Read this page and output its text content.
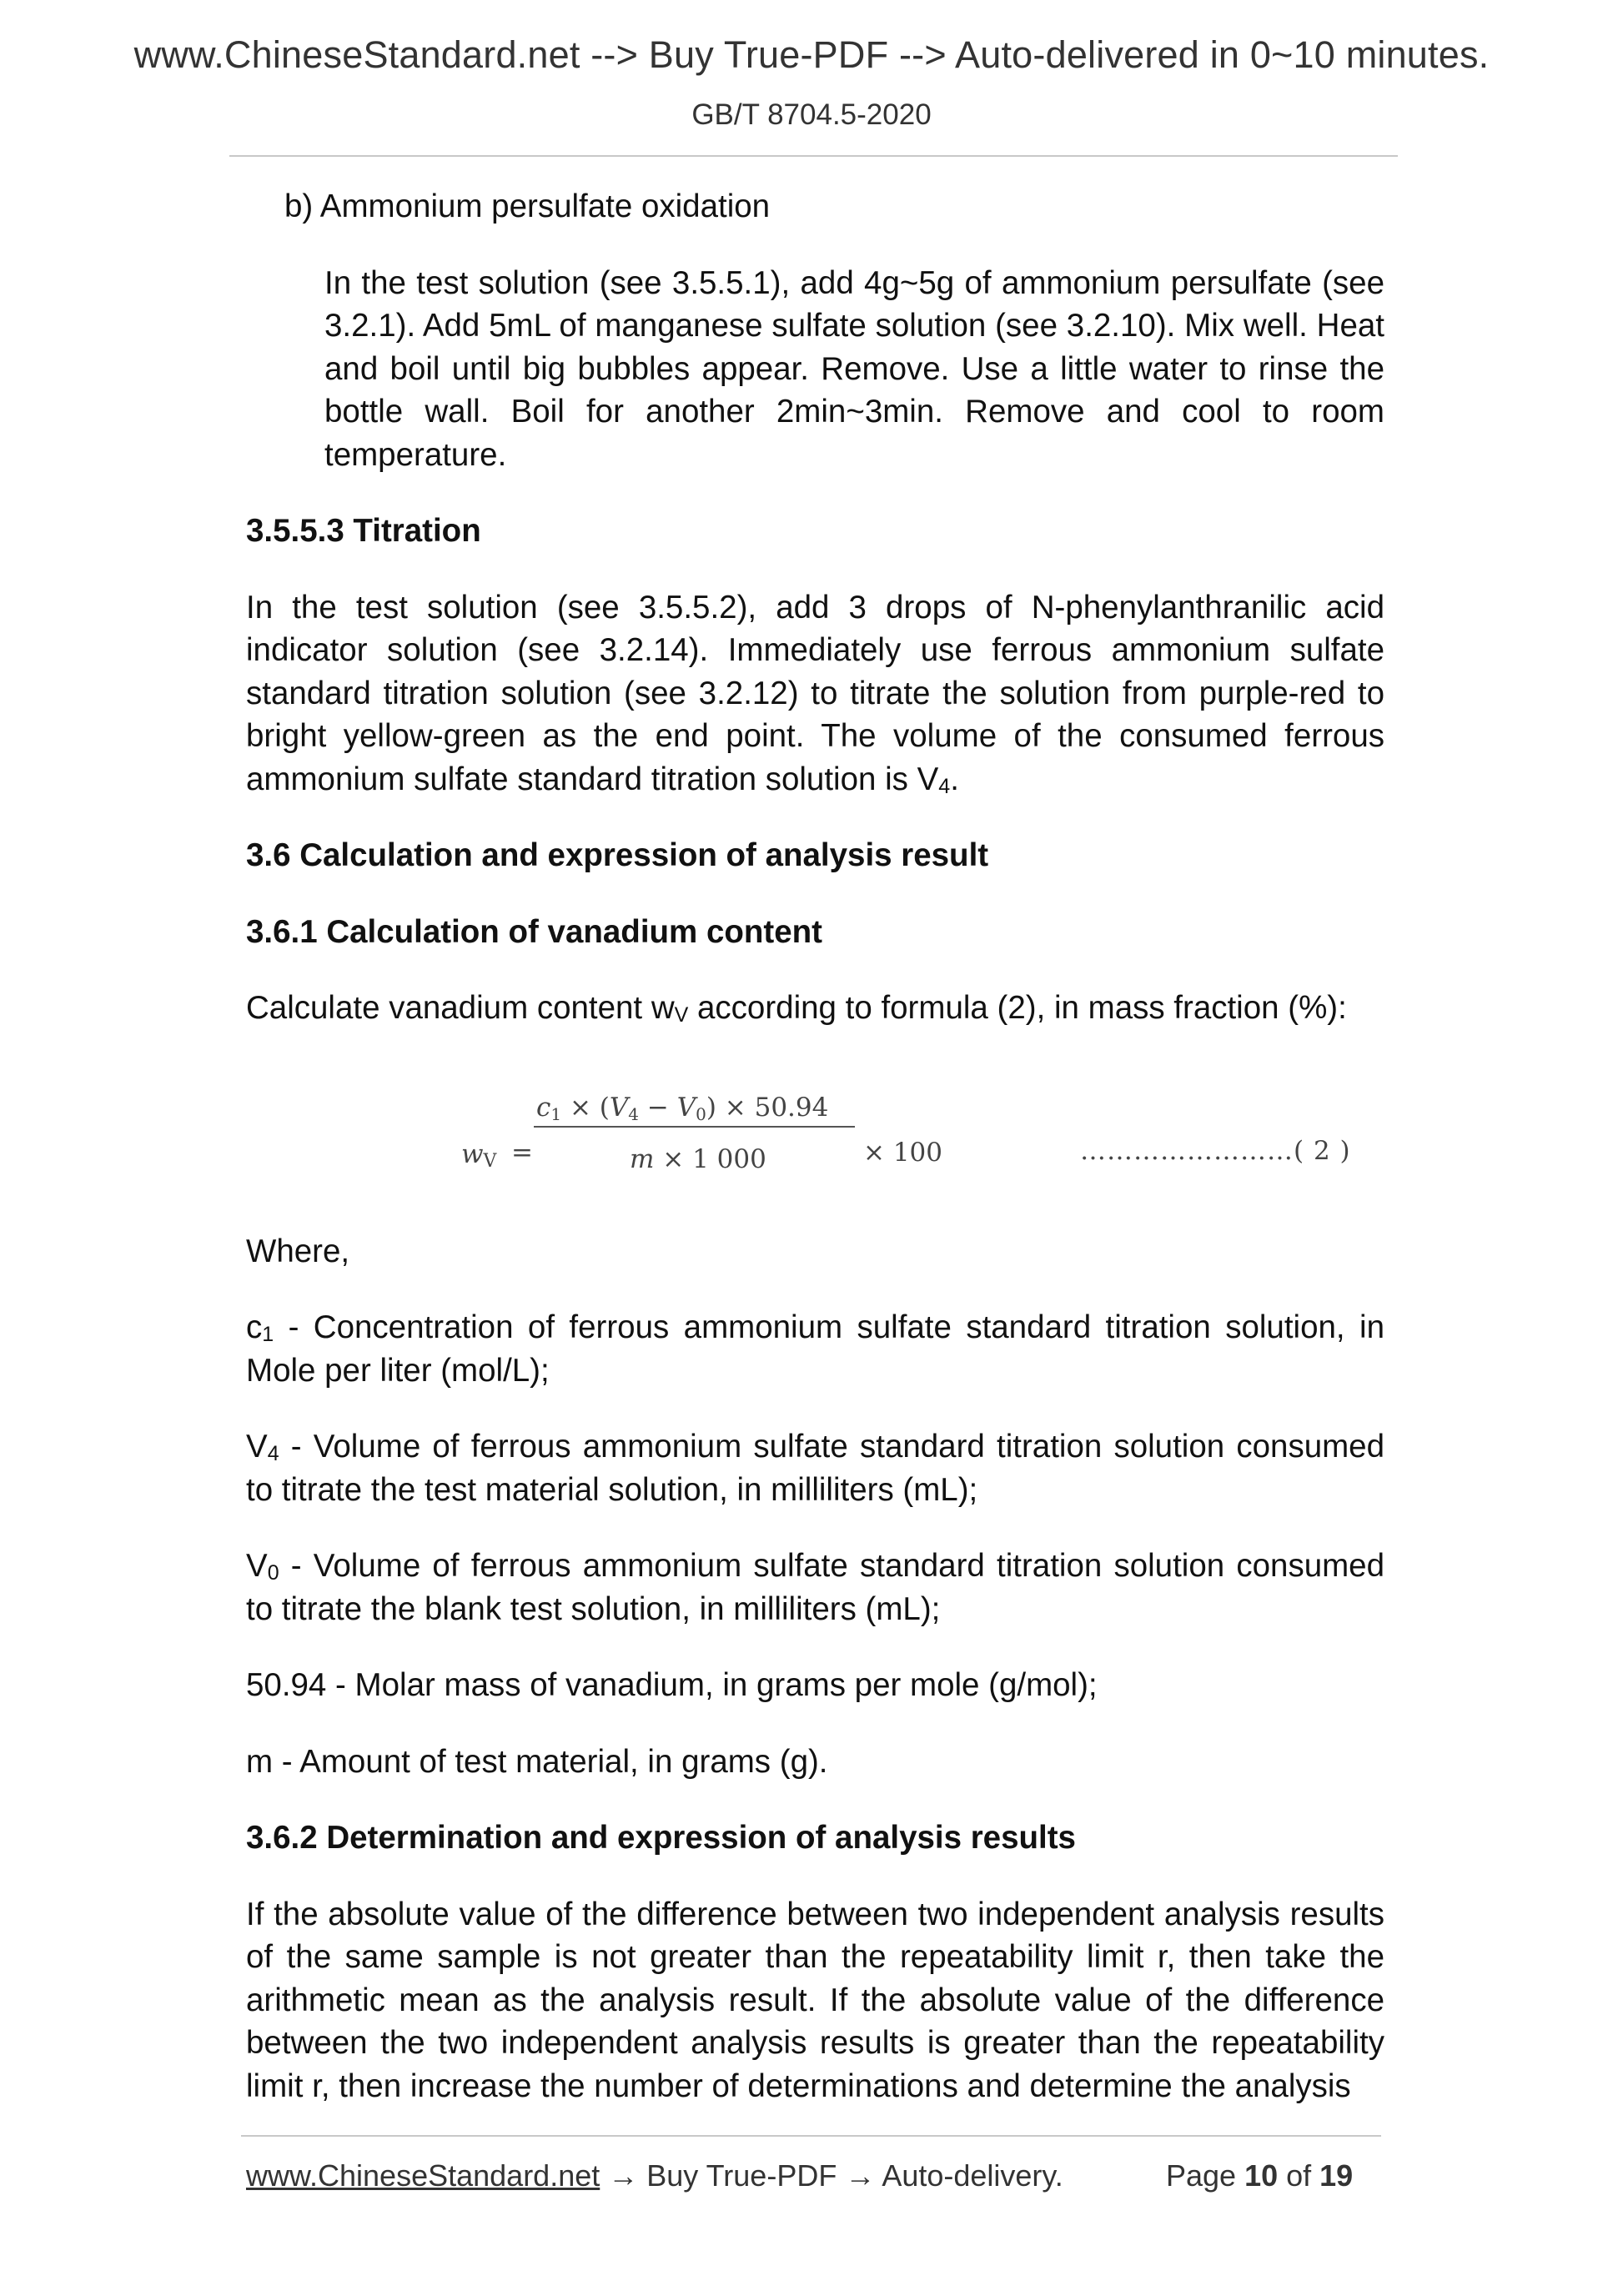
www.ChineseStandard.net --> Buy True-PDF --> Auto-delivered in 0~10 minutes.
GB/T 8704.5-2020

b) Ammonium persulfate oxidation

In the test solution (see 3.5.5.1), add 4g~5g of ammonium persulfate (see 3.2.1). Add 5mL of manganese sulfate solution (see 3.2.10). Mix well. Heat and boil until big bubbles appear. Remove. Use a little water to rinse the bottle wall. Boil for another 2min~3min. Remove and cool to room temperature.

3.5.5.3 Titration

In the test solution (see 3.5.5.2), add 3 drops of N-phenylanthranilic acid indicator solution (see 3.2.14). Immediately use ferrous ammonium sulfate standard titration solution (see 3.2.12) to titrate the solution from purple-red to bright yellow-green as the end point. The volume of the consumed ferrous ammonium sulfate standard titration solution is V4.

3.6 Calculation and expression of analysis result

3.6.1 Calculation of vanadium content

Calculate vanadium content wV according to formula (2), in mass fraction (%):

wV =
c1 × (V4 − V0) × 50.94
m × 1 000	× 100	……………………( 2 )

Where,

c1 - Concentration of ferrous ammonium sulfate standard titration solution, in Mole per liter (mol/L);

V4 - Volume of ferrous ammonium sulfate standard titration solution consumed to titrate the test material solution, in milliliters (mL);

V0 - Volume of ferrous ammonium sulfate standard titration solution consumed to titrate the blank test solution, in milliliters (mL);

50.94 - Molar mass of vanadium, in grams per mole (g/mol);

m - Amount of test material, in grams (g).

3.6.2 Determination and expression of analysis results

If the absolute value of the difference between two independent analysis results of the same sample is not greater than the repeatability limit r, then take the arithmetic mean as the analysis result. If the absolute value of the difference between the two independent analysis results is greater than the repeatability limit r, then increase the number of determinations and determine the analysis

www.ChineseStandard.net → Buy True-PDF → Auto-delivery.	Page 10 of 19
